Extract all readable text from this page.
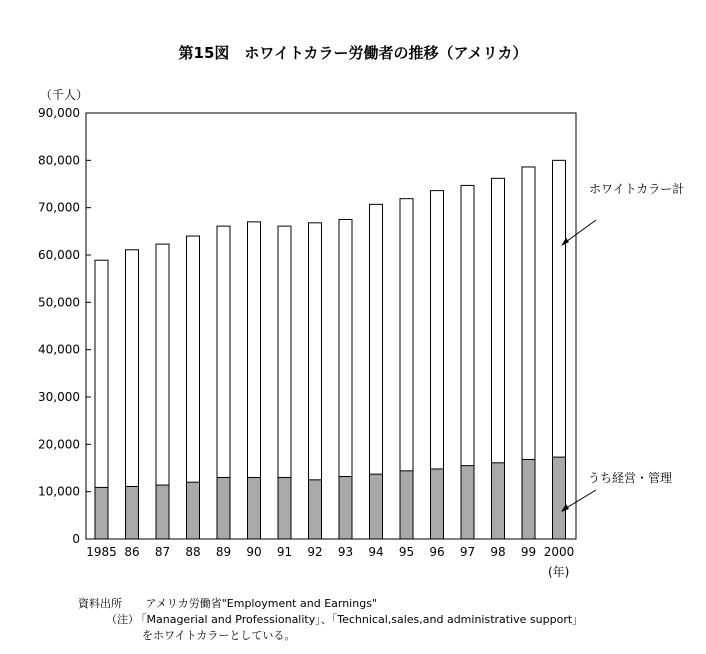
第15図　ホワイトカラー労働者の推移（アメリカ）
（千人）
(年)
0
10,000
20,000
30,000
40,000
50,000
60,000
70,000
80,000
90,000
1985 86 87 88 89 90 91 92 93 94 95 96 97 98 99 2000
ホワイトカラー計
うち経営・管理
資料出所 アメリカ労働省"Employment and Earnings"
（注） 「Managerial and Professionality」、「Technical,sales,and administrative support」
をホワイトカラーとしている。
